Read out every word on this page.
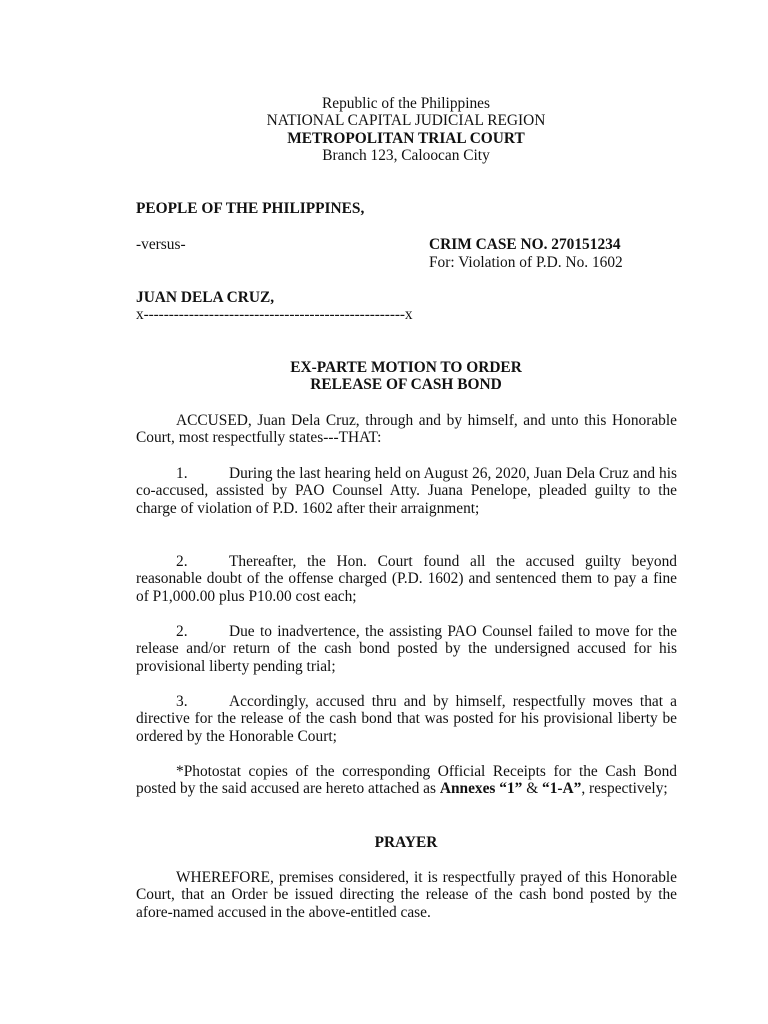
Republic of the Philippines
NATIONAL CAPITAL JUDICIAL REGION
METROPOLITAN TRIAL COURT
Branch 123, Caloocan City
PEOPLE OF THE PHILIPPINES,
-versus-	CRIM CASE NO. 270151234
For: Violation of P.D. No. 1602
JUAN DELA CRUZ,
x----------------------------------------------------x
EX-PARTE MOTION TO ORDER
RELEASE OF CASH BOND
ACCUSED, Juan Dela Cruz, through and by himself, and unto this Honorable Court, most respectfully states---THAT:
1.	During the last hearing held on August 26, 2020, Juan Dela Cruz and his co-accused, assisted by PAO Counsel Atty. Juana Penelope, pleaded guilty to the charge of violation of P.D. 1602 after their arraignment;
2.	Thereafter, the Hon. Court found all the accused guilty beyond reasonable doubt of the offense charged (P.D. 1602) and sentenced them to pay a fine of P1,000.00 plus P10.00 cost each;
2.	Due to inadvertence, the assisting PAO Counsel failed to move for the release and/or return of the cash bond posted by the undersigned accused for his provisional liberty pending trial;
3.	Accordingly, accused thru and by himself, respectfully moves that a directive for the release of the cash bond that was posted for his provisional liberty be ordered by the Honorable Court;
*Photostat copies of the corresponding Official Receipts for the Cash Bond posted by the said accused are hereto attached as Annexes “1” & “1-A”, respectively;
PRAYER
WHEREFORE, premises considered, it is respectfully prayed of this Honorable Court, that an Order be issued directing the release of the cash bond posted by the afore-named accused in the above-entitled case.
